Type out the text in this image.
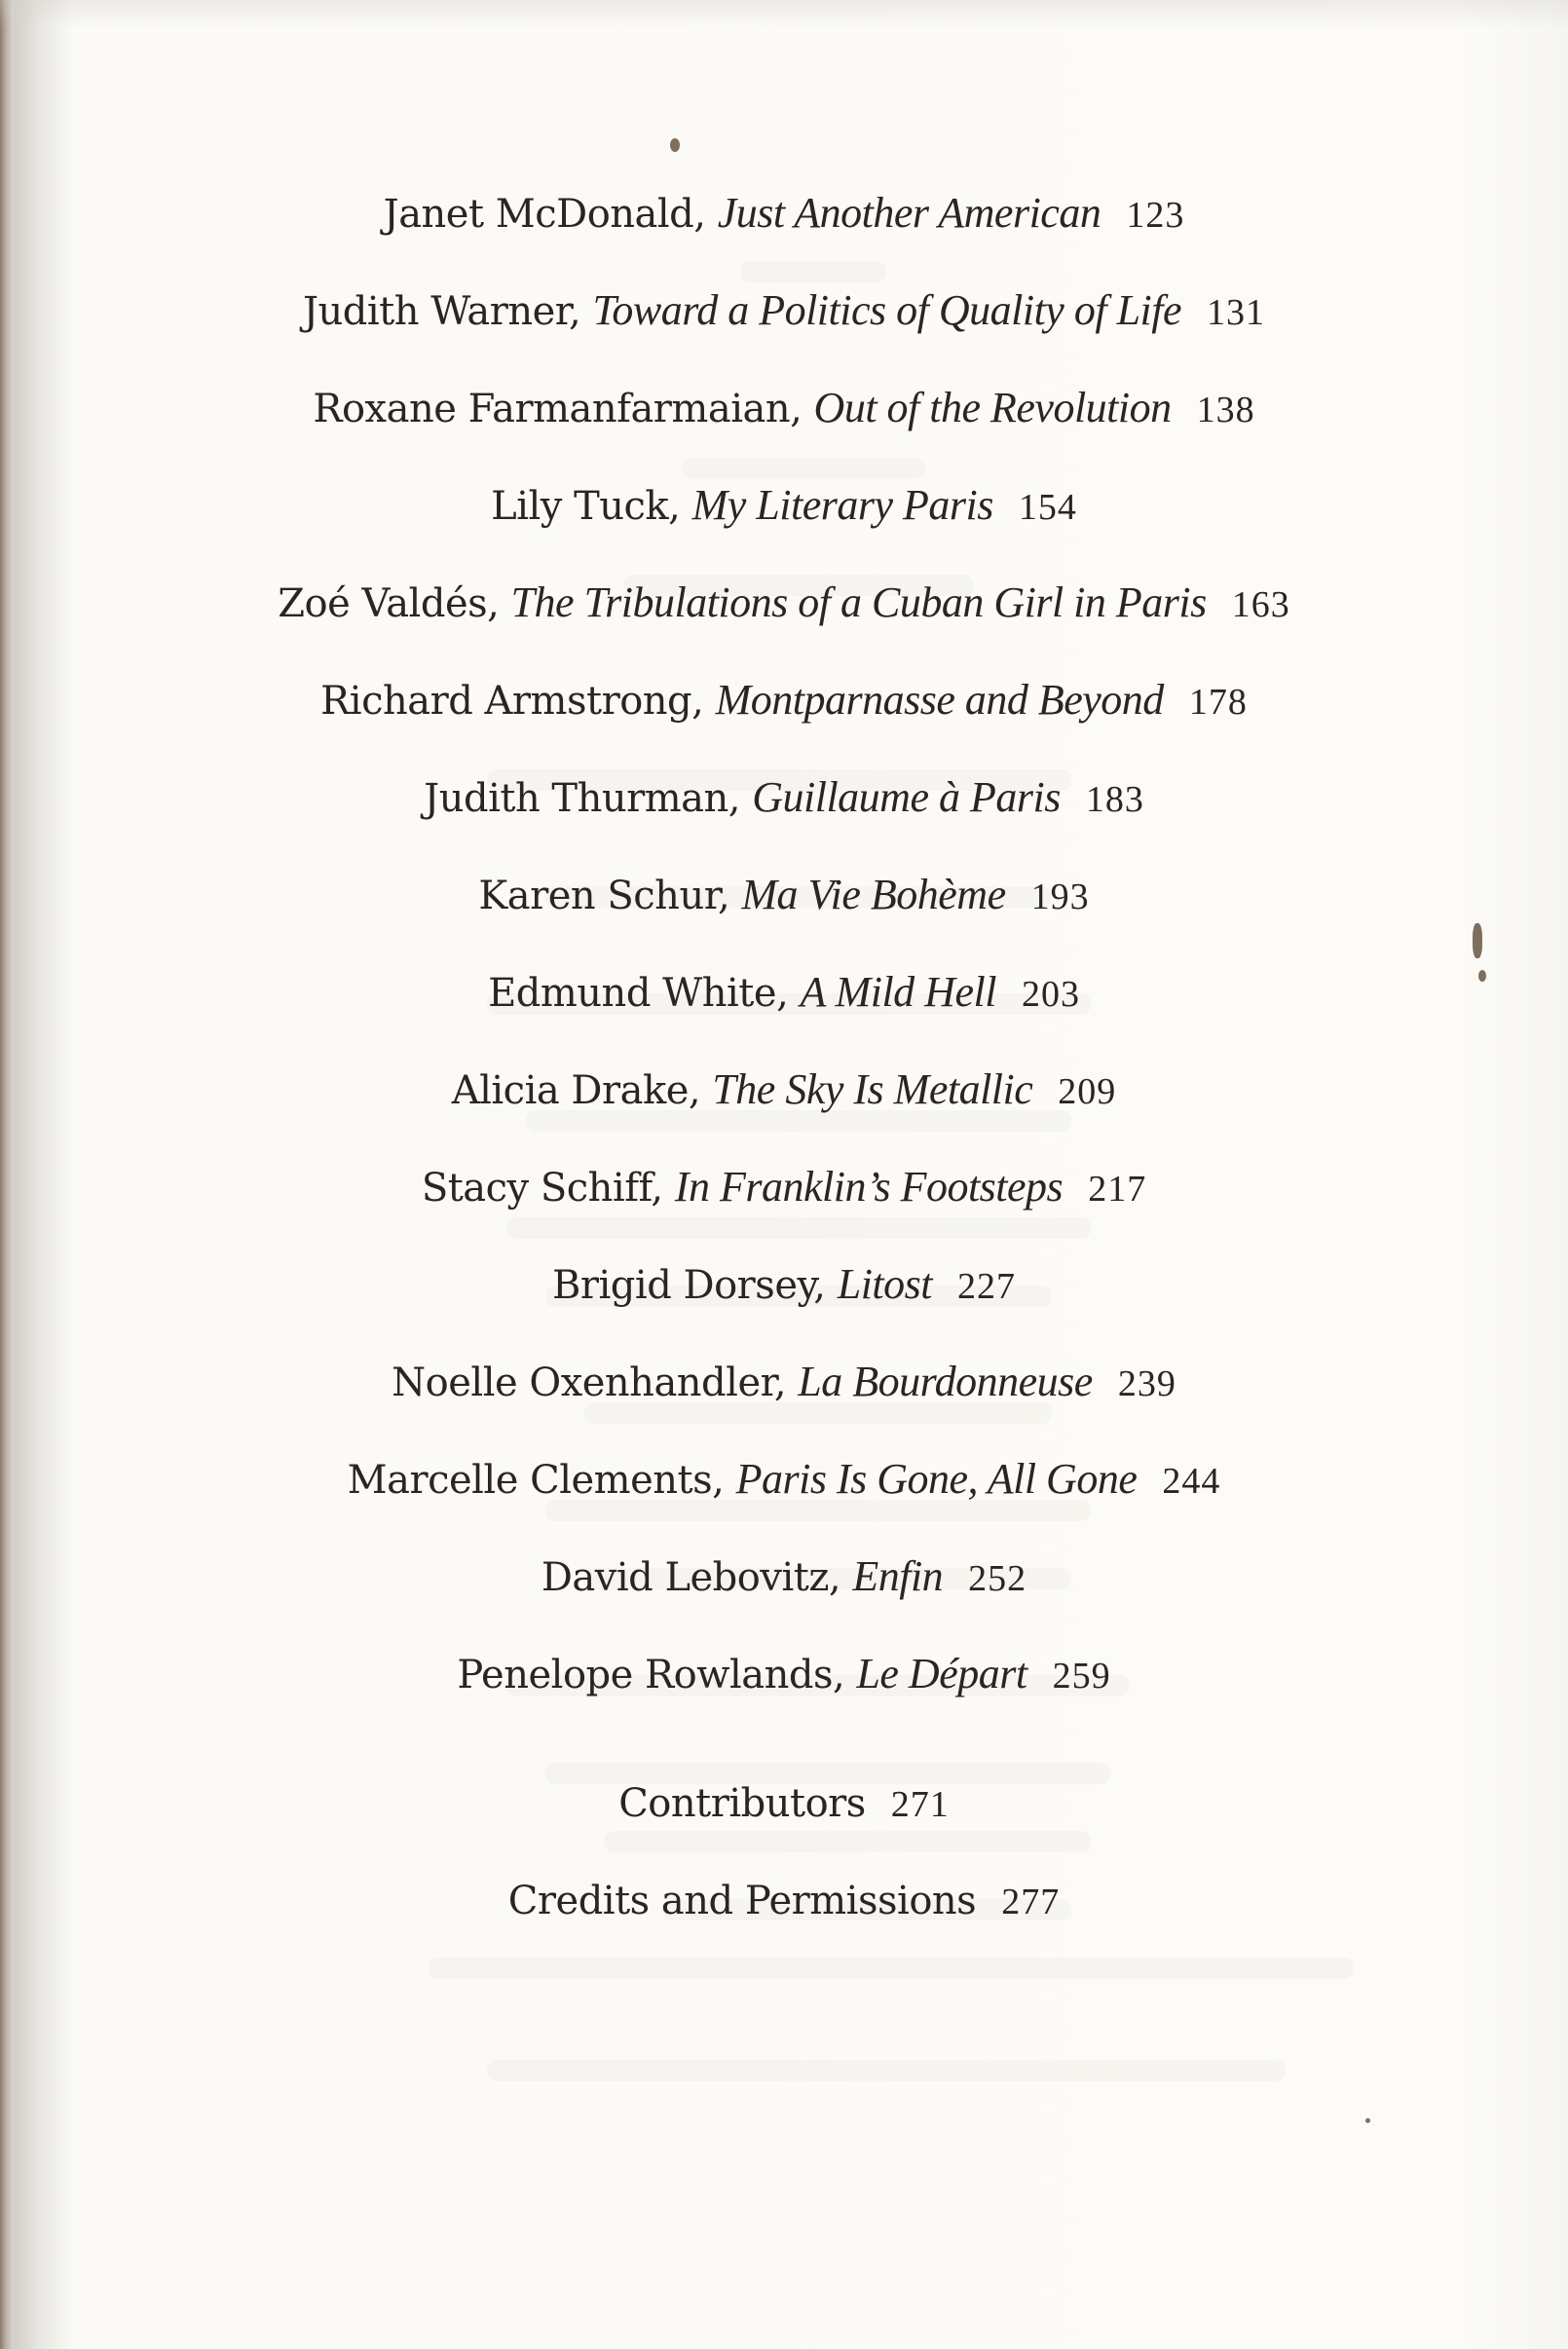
Janet McDonald, Just Another American 123
Judith Warner, Toward a Politics of Quality of Life 131
Roxane Farmanfarmaian, Out of the Revolution 138
Lily Tuck, My Literary Paris 154
Zoé Valdés, The Tribulations of a Cuban Girl in Paris 163
Richard Armstrong, Montparnasse and Beyond 178
Judith Thurman, Guillaume à Paris 183
Karen Schur, Ma Vie Bohème 193
Edmund White, A Mild Hell 203
Alicia Drake, The Sky Is Metallic 209
Stacy Schiff, In Franklin’s Footsteps 217
Brigid Dorsey, Litost 227
Noelle Oxenhandler, La Bourdonneuse 239
Marcelle Clements, Paris Is Gone, All Gone 244
David Lebovitz, Enfin 252
Penelope Rowlands, Le Départ 259
Contributors 271
Credits and Permissions 277
